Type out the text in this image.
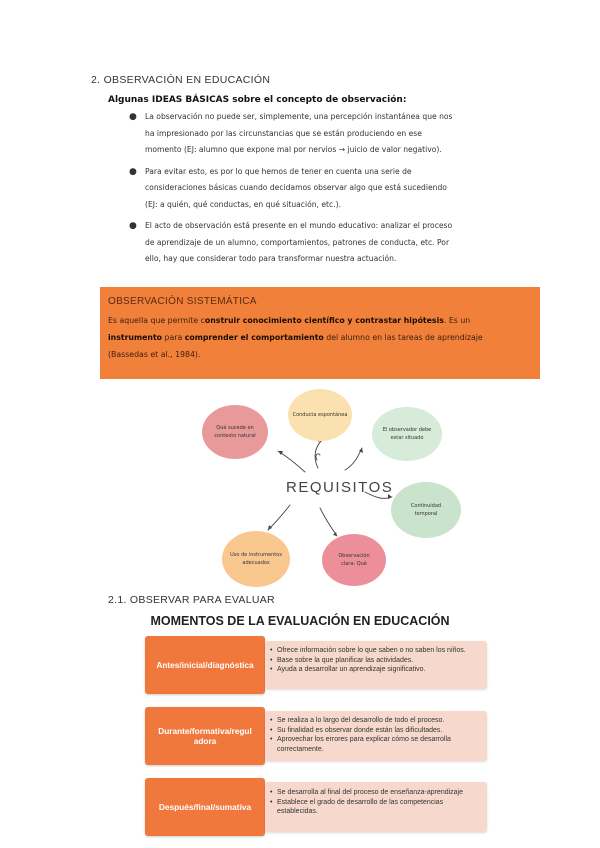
2. OBSERVACIÓN EN EDUCACIÓN
Algunas IDEAS BÁSICAS sobre el concepto de observación:
● La observación no puede ser, simplemente, una percepción instantánea que nos
ha impresionado por las circunstancias que se están produciendo en ese
momento (EJ: alumno que expone mal por nervios → juicio de valor negativo).
● Para evitar esto, es por lo que hemos de tener en cuenta una serie de
consideraciones básicas cuando decidamos observar algo que está sucediendo
(EJ: a quién, qué conductas, en qué situación, etc.).
● El acto de observación está presente en el mundo educativo: analizar el proceso
de aprendizaje de un alumno, comportamientos, patrones de conducta, etc. Por
ello, hay que considerar todo para transformar nuestra actuación.
OBSERVACIÓN SISTEMÁTICA
Es aquella que permite construir conocimiento científico y contrastar hipótesis. Es un
instrumento para comprender el comportamiento del alumno en las tareas de aprendizaje
(Bassedas et al., 1984).
Conducta espontánea
Qué sucede en contexto natural
El observador debe estar situado
Continuidad temporal
Uso de instrumentos adecuados
Observación clara: Qué
REQUISITOS
2.1. OBSERVAR PARA EVALUAR
MOMENTOS DE LA EVALUACIÓN EN EDUCACIÓN
Antes/inicial/diagnóstica
• Ofrece información sobre lo que saben o no saben los niños.
• Base sobre la que planificar las actividades.
• Ayuda a desarrollar un aprendizaje significativo.
Durante/formativa/regul
adora
• Se realiza a lo largo del desarrollo de todo el proceso.
• Su finalidad es observar donde están las dificultades.
• Aprovechar los errores para explicar cómo se desarrolla correctamente.
Después/final/sumativa
• Se desarrolla al final del proceso de enseñanza-aprendizaje
• Establece el grado de desarrollo de las competencias establecidas.
